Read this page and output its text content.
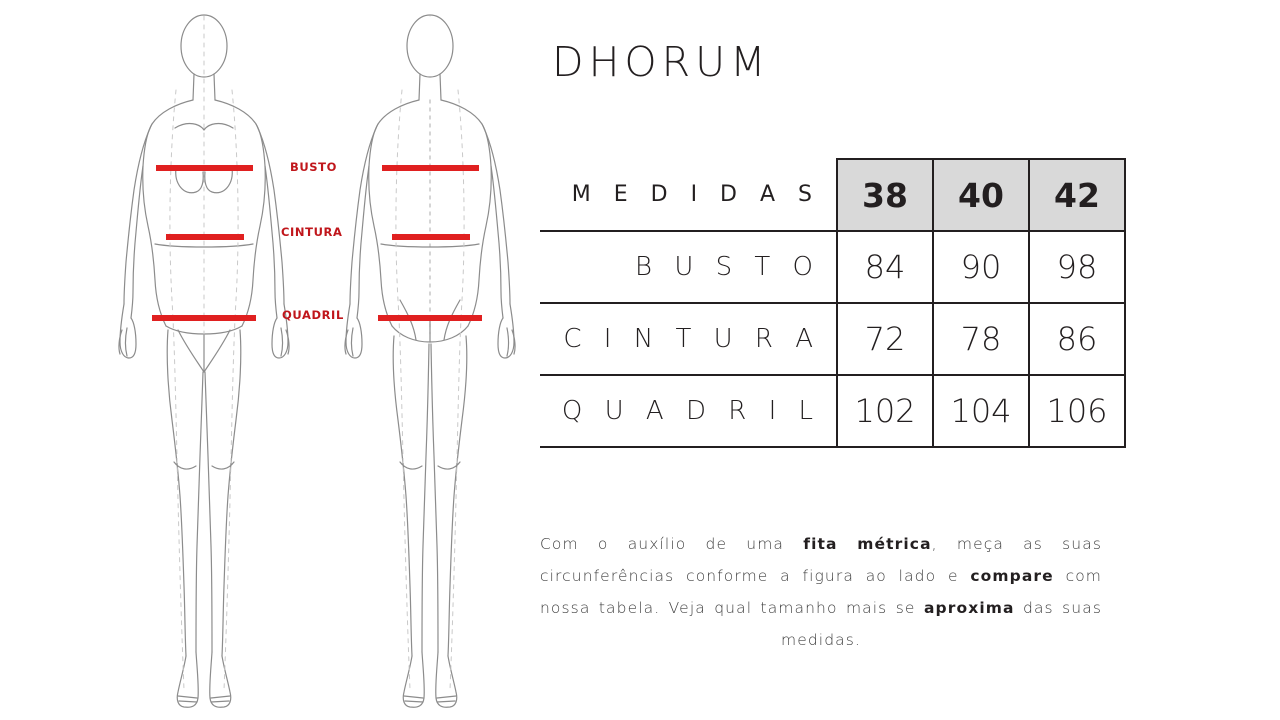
BUSTO
CINTURA
QUADRIL
DHORUM
M E D I D A S	38	40	42
B U S T O	84	90	98
C I N T U R A	72	78	86
Q U A D R I L	102	104	106

Com o auxílio de uma fita métrica, meça as suas circunferências conforme a figura ao lado e compare com nossa tabela. Veja qual tamanho mais se aproxima das suas medidas.
